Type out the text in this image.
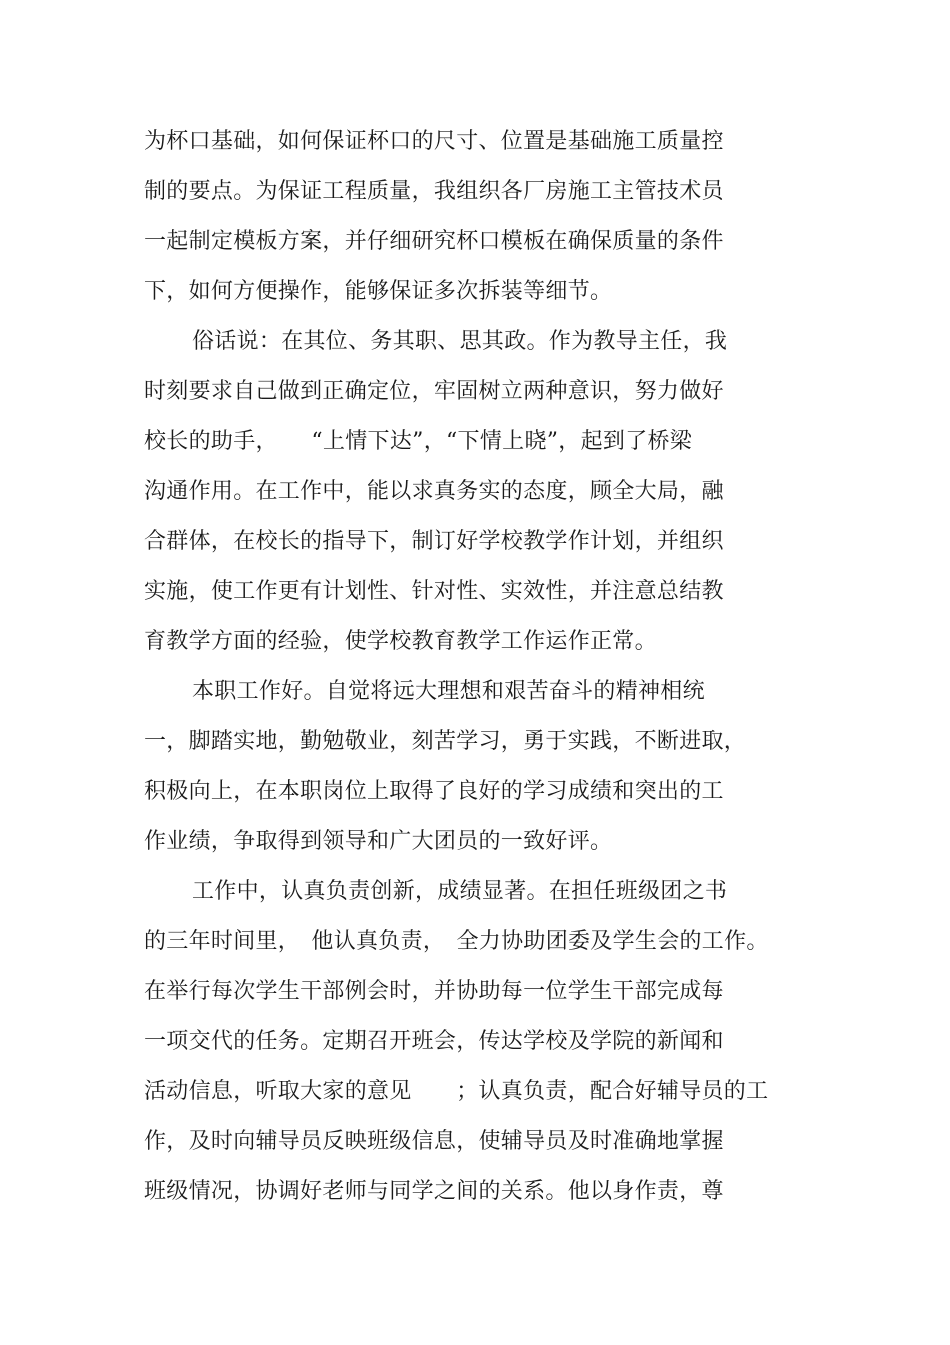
为杯口基础，如何保证杯口的尺寸、位置是基础施工质量控
制的要点。为保证工程质量，我组织各厂房施工主管技术员
一起制定模板方案，并仔细研究杯口模板在确保质量的条件
下，如何方便操作，能够保证多次拆装等细节。
俗话说：在其位、务其职、思其政。作为教导主任，我
时刻要求自己做到正确定位，牢固树立两种意识，努力做好
校长的助手，　　“上情下达”，“下情上晓”，起到了桥梁
沟通作用。在工作中，能以求真务实的态度，顾全大局，融
合群体，在校长的指导下，制订好学校教学作计划，并组织
实施，使工作更有计划性、针对性、实效性，并注意总结教
育教学方面的经验，使学校教育教学工作运作正常。
本职工作好。自觉将远大理想和艰苦奋斗的精神相统
一，脚踏实地，勤勉敬业，刻苦学习，勇于实践，不断进取，
积极向上，在本职岗位上取得了良好的学习成绩和突出的工
作业绩，争取得到领导和广大团员的一致好评。
工作中，认真负责创新，成绩显著。在担任班级团之书
的三年时间里，　他认真负责，　全力协助团委及学生会的工作。
在举行每次学生干部例会时，并协助每一位学生干部完成每
一项交代的任务。定期召开班会，传达学校及学院的新闻和
活动信息，听取大家的意见　　；认真负责，配合好辅导员的工
作，及时向辅导员反映班级信息，使辅导员及时准确地掌握
班级情况，协调好老师与同学之间的关系。他以身作责，尊
